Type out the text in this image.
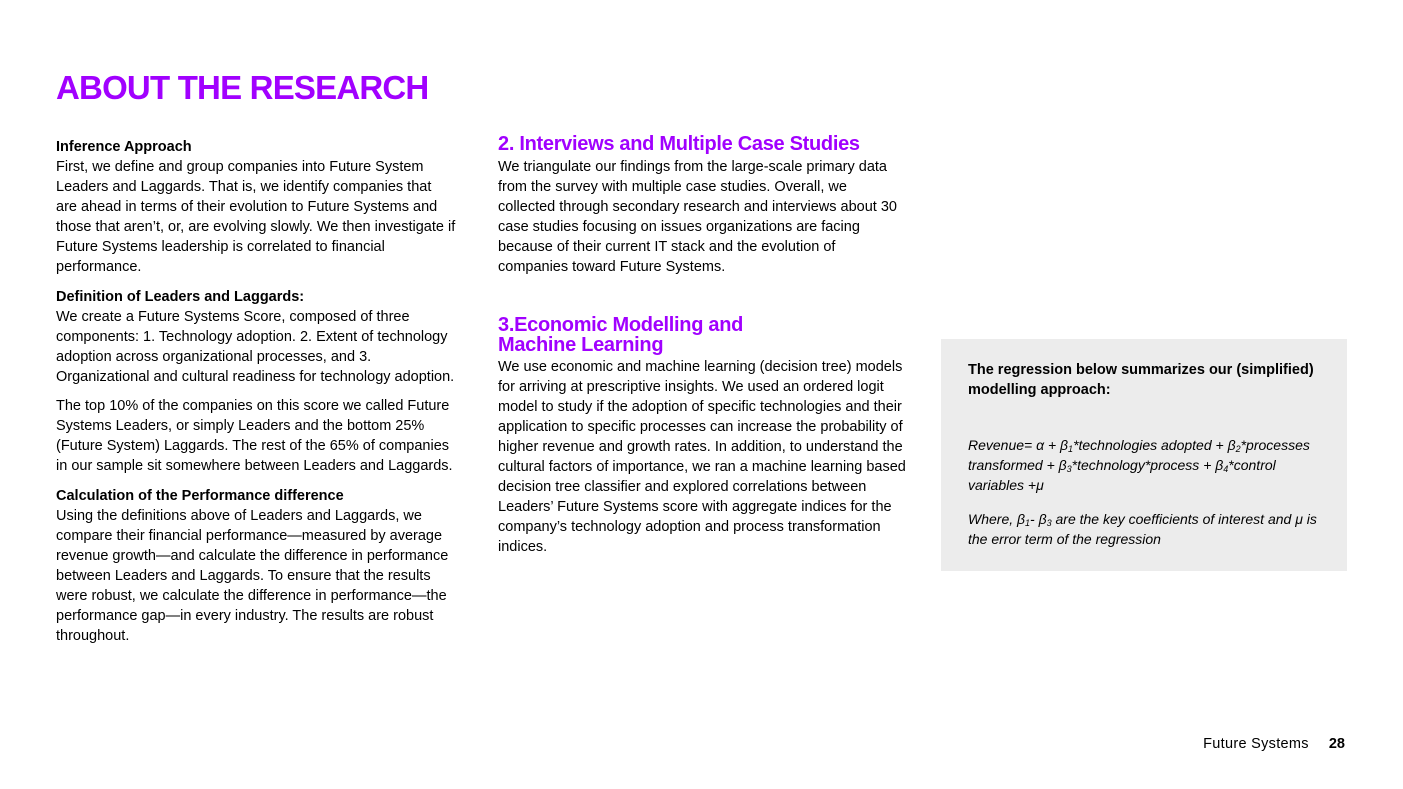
ABOUT THE RESEARCH

Inference Approach

First, we define and group companies into Future System Leaders and Laggards. That is, we identify companies that are ahead in terms of their evolution to Future Systems and those that aren’t, or, are evolving slowly. We then investigate if Future Systems leadership is correlated to financial performance.

Definition of Leaders and Laggards:

We create a Future Systems Score, composed of three components: 1. Technology adoption. 2. Extent of technology adoption across organizational processes, and 3. Organizational and cultural readiness for technology adoption.

The top 10% of the companies on this score we called Future Systems Leaders, or simply Leaders and the bottom 25% (Future System) Laggards. The rest of the 65% of companies in our sample sit somewhere between Leaders and Laggards.

Calculation of the Performance difference

Using the definitions above of Leaders and Laggards, we compare their financial performance—measured by average revenue growth—and calculate the difference in performance between Leaders and Laggards. To ensure that the results were robust, we calculate the difference in performance—the performance gap—in every industry. The results are robust throughout.

2. Interviews and Multiple Case Studies

We triangulate our findings from the large-scale primary data from the survey with multiple case studies. Overall, we collected through secondary research and interviews about 30 case studies focusing on issues organizations are facing because of their current IT stack and the evolution of companies toward Future Systems.

3.Economic Modelling and
Machine Learning

We use economic and machine learning (decision tree) models for arriving at prescriptive insights. We used an ordered logit model to study if the adoption of specific technologies and their application to specific processes can increase the probability of higher revenue and growth rates. In addition, to understand the cultural factors of importance, we ran a machine learning based decision tree classifier and explored correlations between Leaders’ Future Systems score with aggregate indices for the company’s technology adoption and process transformation indices.

The regression below summarizes our (simplified) modelling approach:

Revenue= $\alpha + \beta_1*technologies$ adopted + $\beta_2*processes$ transformed + $\beta_3*technology*process$ + $\beta_4*control$ variables +μ

Where, $\beta_1-$ $\beta_3$ are the key coefficients of interest and μ is the error term of the regression

Future Systems 28
